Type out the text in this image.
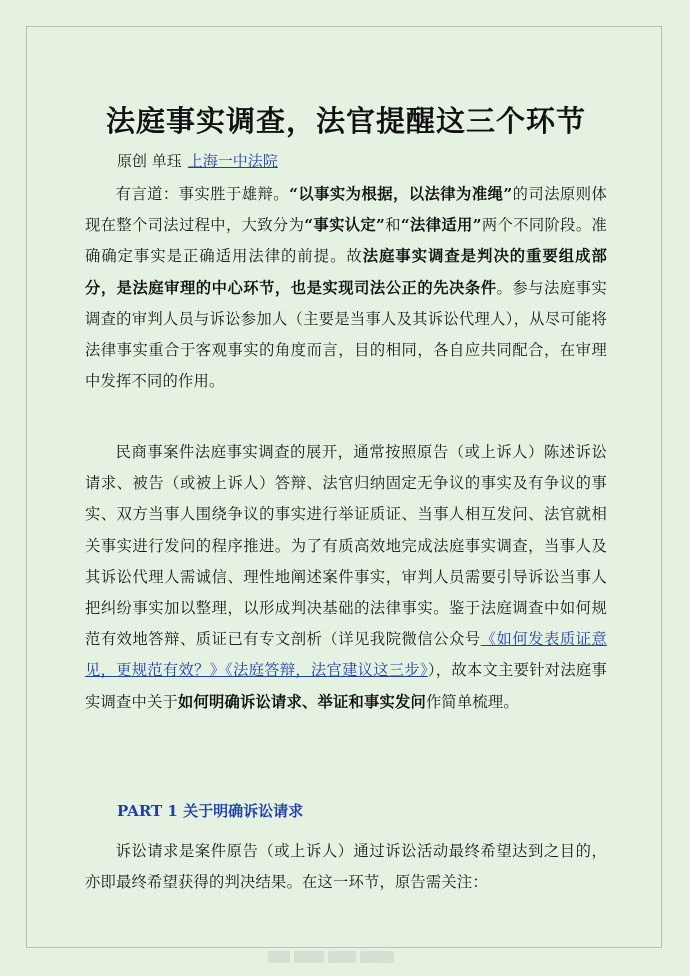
法庭事实调查，法官提醒这三个环节
原创 单珏 上海一中法院

有言道：事实胜于雄辩。“以事实为根据，以法律为准绳”的司法原则体现在整个司法过程中，大致分为“事实认定”和“法律适用”两个不同阶段。准确确定事实是正确适用法律的前提。故法庭事实调查是判决的重要组成部分，是法庭审理的中心环节，也是实现司法公正的先决条件。参与法庭事实调查的审判人员与诉讼参加人（主要是当事人及其诉讼代理人），从尽可能将法律事实重合于客观事实的角度而言，目的相同，各自应共同配合，在审理中发挥不同的作用。

民商事案件法庭事实调查的展开，通常按照原告（或上诉人）陈述诉讼请求、被告（或被上诉人）答辩、法官归纳固定无争议的事实及有争议的事实、双方当事人围绕争议的事实进行举证质证、当事人相互发问、法官就相关事实进行发问的程序推进。为了有质高效地完成法庭事实调查，当事人及其诉讼代理人需诚信、理性地阐述案件事实，审判人员需要引导诉讼当事人把纠纷事实加以整理，以形成判决基础的法律事实。鉴于法庭调查中如何规范有效地答辩、质证已有专文剖析（详见我院微信公众号《如何发表质证意见，更规范有效？》《法庭答辩，法官建议这三步》），故本文主要针对法庭事实调查中关于如何明确诉讼请求、举证和事实发问作简单梳理。

PART 1 关于明确诉讼请求

诉讼请求是案件原告（或上诉人）通过诉讼活动最终希望达到之目的，亦即最终希望获得的判决结果。在这一环节，原告需关注：
